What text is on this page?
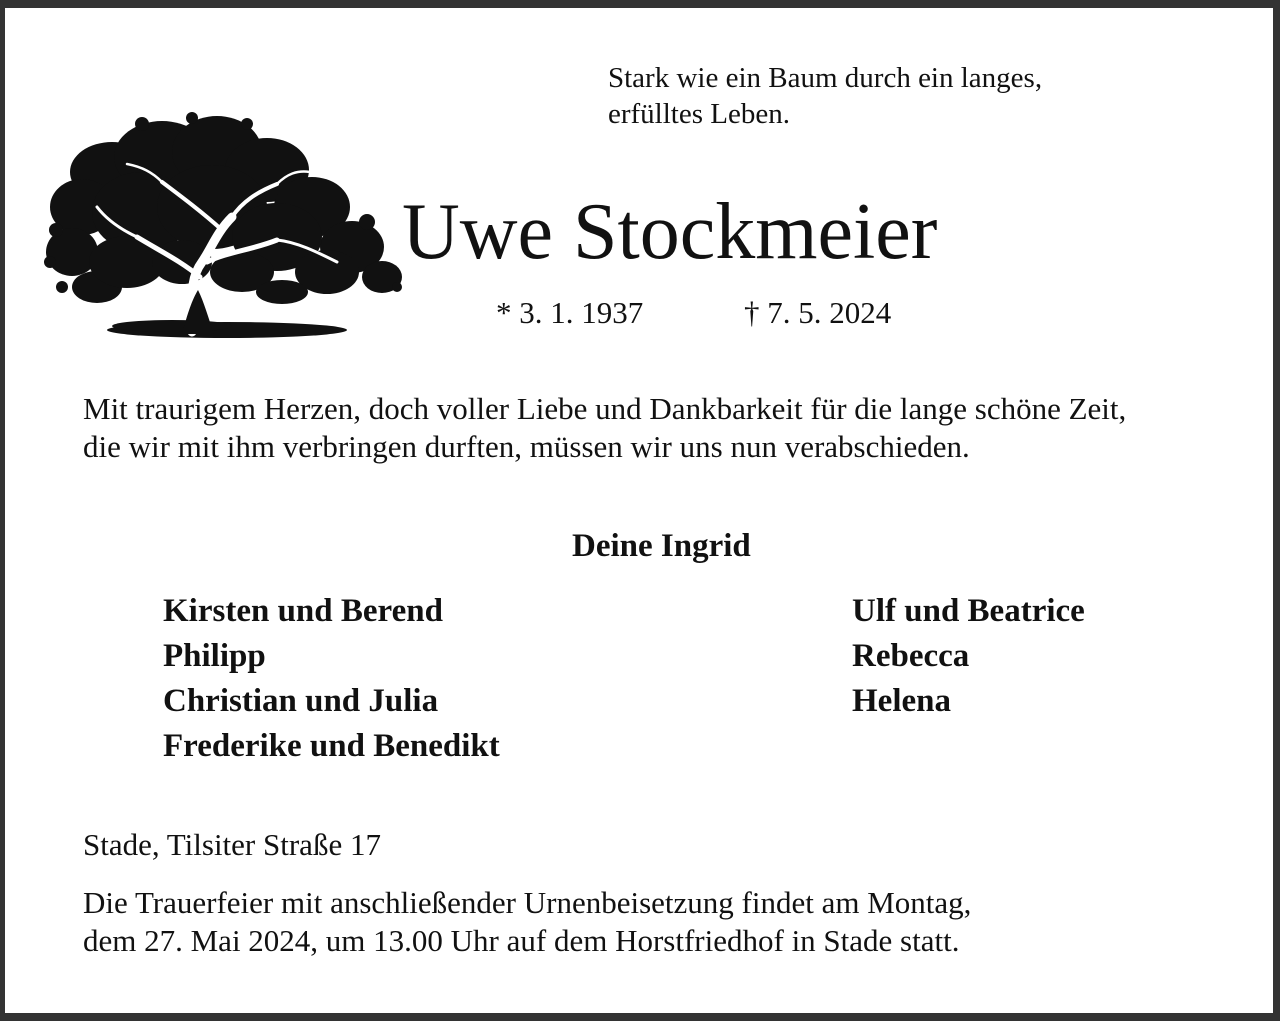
Stark wie ein Baum durch ein langes,
erfülltes Leben.
Uwe Stockmeier
* 3. 1. 1937	† 7. 5. 2024
Mit traurigem Herzen, doch voller Liebe und Dankbarkeit für die lange schöne Zeit,
die wir mit ihm verbringen durften, müssen wir uns nun verabschieden.
Deine Ingrid
Kirsten und Berend
Philipp
Christian und Julia
Frederike und Benedikt
Ulf und Beatrice
Rebecca
Helena
Stade, Tilsiter Straße 17
Die Trauerfeier mit anschließender Urnenbeisetzung findet am Montag,
dem 27. Mai 2024, um 13.00 Uhr auf dem Horstfriedhof in Stade statt.
